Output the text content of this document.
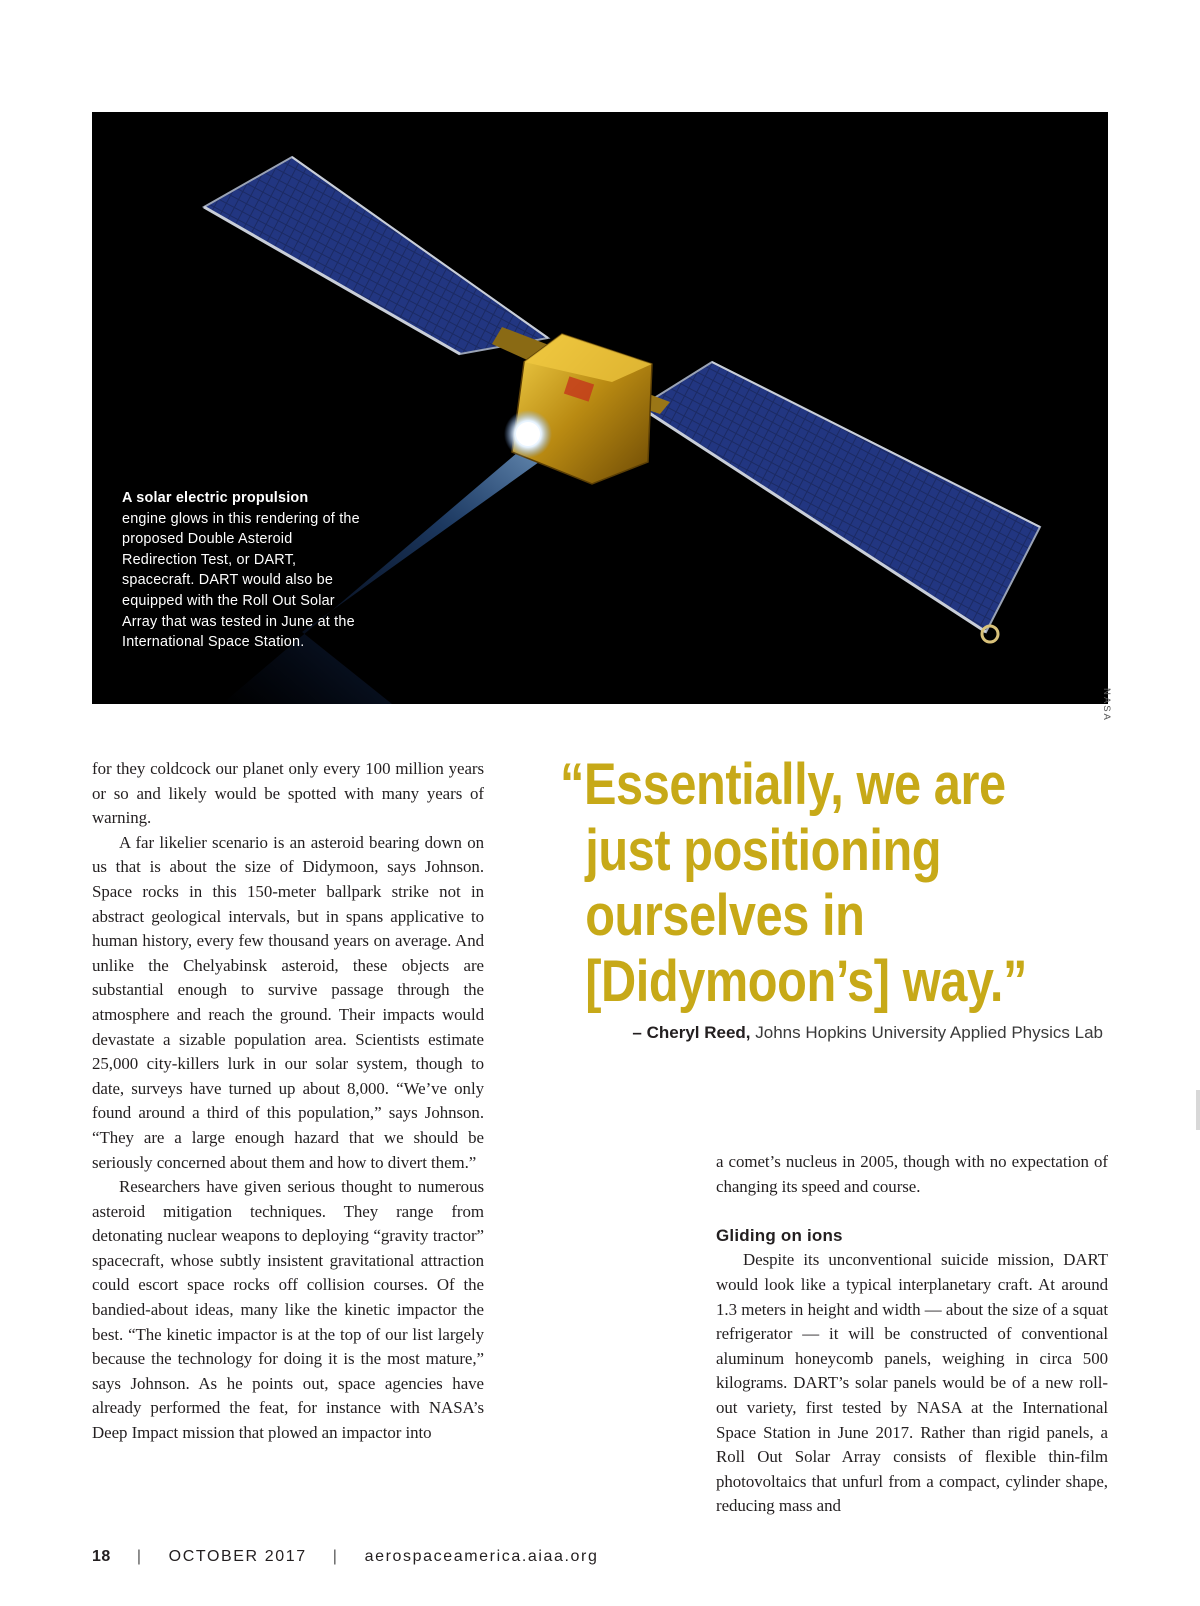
A solar electric propulsion
engine glows in this rendering of the proposed Double Asteroid Redirection Test, or DART, spacecraft. DART would also be equipped with the Roll Out Solar Array that was tested in June at the International Space Station.
NASA

for they coldcock our planet only every 100 million years or so and likely would be spotted with many years of warning.

A far likelier scenario is an asteroid bearing down on us that is about the size of Didymoon, says Johnson. Space rocks in this 150-meter ballpark strike not in abstract geological intervals, but in spans applicative to human history, every few thousand years on average. And unlike the Chelyabinsk asteroid, these objects are substantial enough to survive passage through the atmosphere and reach the ground. Their impacts would devastate a sizable population area. Scientists estimate 25,000 city-killers lurk in our solar system, though to date, surveys have turned up about 8,000. “We’ve only found around a third of this population,” says Johnson. “They are a large enough hazard that we should be seriously concerned about them and how to divert them.”

Researchers have given serious thought to numerous asteroid mitigation techniques. They range from detonating nuclear weapons to deploying “gravity tractor” spacecraft, whose subtly insistent gravitational attraction could escort space rocks off collision courses. Of the bandied-about ideas, many like the kinetic impactor the best. “The kinetic impactor is at the top of our list largely because the technology for doing it is the most mature,” says Johnson. As he points out, space agencies have already performed the feat, for instance with NASA’s Deep Impact mission that plowed an impactor into

“Essentially, we are
just positioning
ourselves in
[Didymoon’s] way.”
– Cheryl Reed, Johns Hopkins University Applied Physics Lab

a comet’s nucleus in 2005, though with no expectation of changing its speed and course.

Gliding on ions

Despite its unconventional suicide mission, DART would look like a typical interplanetary craft. At around 1.3 meters in height and width — about the size of a squat refrigerator — it will be constructed of conventional aluminum honeycomb panels, weighing in circa 500 kilograms. DART’s solar panels would be of a new roll-out variety, first tested by NASA at the International Space Station in June 2017. Rather than rigid panels, a Roll Out Solar Array consists of flexible thin-film photovoltaics that unfurl from a compact, cylinder shape, reducing mass and

18 | OCTOBER 2017 | aerospaceamerica.aiaa.org
